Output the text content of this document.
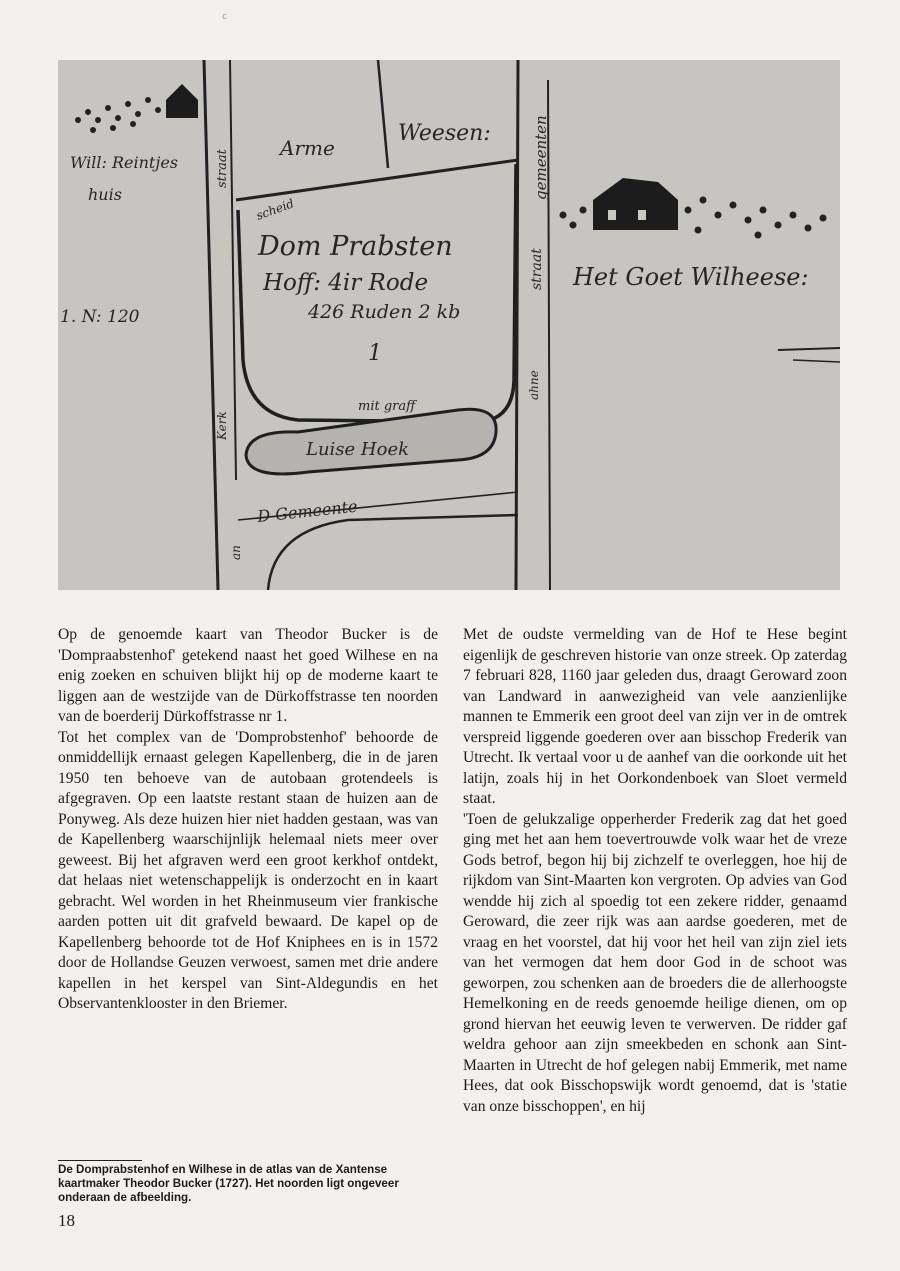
c
Arme
Weesen:	gemeenten
Will: Reintjes
huis
straat
straat
scheid
Dom Prabsten
Hoff: 4ir Rode
426 Ruden 2 kb
Het Goet Wilheese:
1. N: 120
1
ahne
mit graff
Luise Hoek
D Gemeente
an
Kerk

Op de genoemde kaart van Theodor Bucker is de 'Dompraabstenhof' getekend naast het goed Wilhese en na enig zoeken en schuiven blijkt hij op de moderne kaart te liggen aan de westzijde van de Dürkoffstrasse ten noorden van de boerderij Dürkoffstrasse nr 1.

Tot het complex van de 'Domprobstenhof' behoorde de onmiddellijk ernaast gelegen Kapellenberg, die in de jaren 1950 ten behoeve van de autobaan grotendeels is afgegraven. Op een laatste restant staan de huizen aan de Ponyweg. Als deze huizen hier niet hadden gestaan, was van de Kapellenberg waarschijnlijk helemaal niets meer over geweest. Bij het afgraven werd een groot kerkhof ontdekt, dat helaas niet wetenschappelijk is onderzocht en in kaart gebracht. Wel worden in het Rheinmuseum vier frankische aarden potten uit dit grafveld bewaard. De kapel op de Kapellenberg behoorde tot de Hof Kniphees en is in 1572 door de Hollandse Geuzen verwoest, samen met drie andere kapellen in het kerspel van Sint-Aldegundis en het Observantenklooster in den Briemer.

Met de oudste vermelding van de Hof te Hese begint eigenlijk de geschreven historie van onze streek. Op zaterdag 7 februari 828, 1160 jaar geleden dus, draagt Geroward zoon van Landward in aanwezigheid van vele aanzienlijke mannen te Emmerik een groot deel van zijn ver in de omtrek verspreid liggende goederen over aan bisschop Frederik van Utrecht. Ik vertaal voor u de aanhef van die oorkonde uit het latijn, zoals hij in het Oorkondenboek van Sloet vermeld staat.

'Toen de gelukzalige opperherder Frederik zag dat het goed ging met het aan hem toevertrouwde volk waar het de vreze Gods betrof, begon hij bij zichzelf te overleggen, hoe hij de rijkdom van Sint-Maarten kon vergroten. Op advies van God wendde hij zich al spoedig tot een zekere ridder, genaamd Geroward, die zeer rijk was aan aardse goederen, met de vraag en het voorstel, dat hij voor het heil van zijn ziel iets van het vermogen dat hem door God in de schoot was geworpen, zou schenken aan de broeders die de allerhoogste Hemelkoning en de reeds genoemde heilige dienen, om op grond hiervan het eeuwig leven te verwerven. De ridder gaf weldra gehoor aan zijn smeekbeden en schonk aan Sint-Maarten in Utrecht de hof gelegen nabij Emmerik, met name Hees, dat ook Bisschopswijk wordt genoemd, dat is 'statie van onze bisschoppen', en hij

De Domprabstenhof en Wilhese in de atlas van de Xantense kaartmaker Theodor Bucker (1727). Het noorden ligt ongeveer onderaan de afbeelding.
18
